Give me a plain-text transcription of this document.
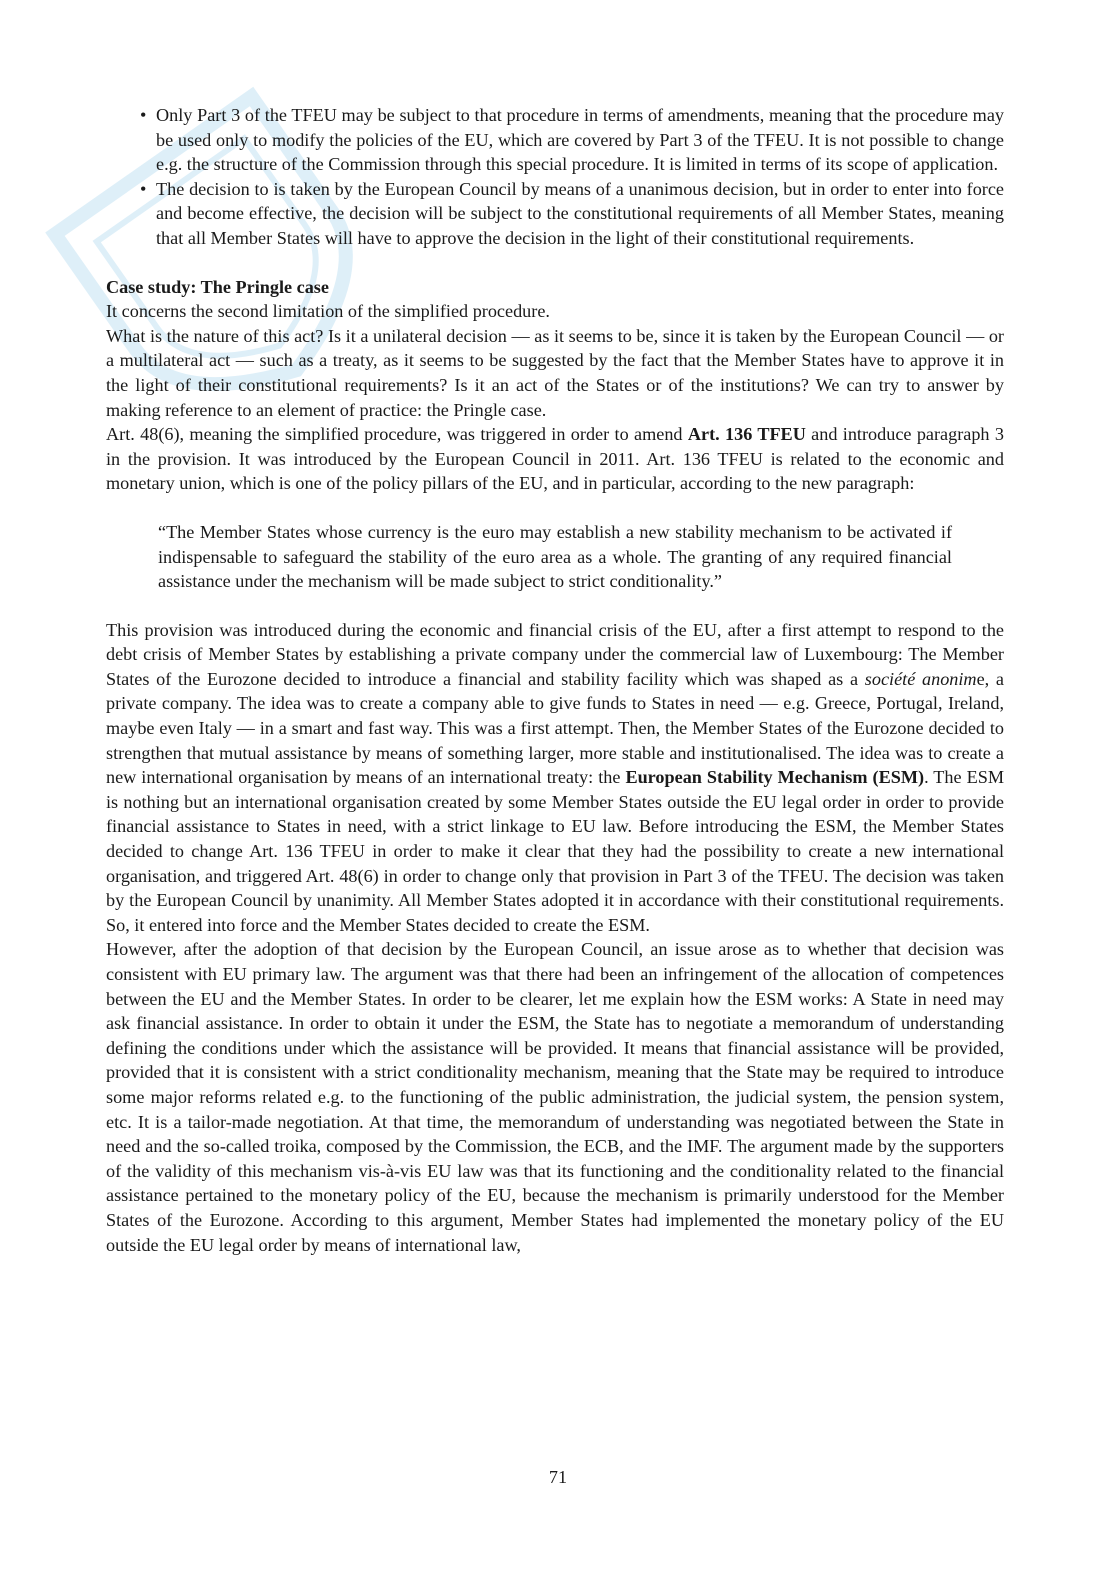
• Only Part 3 of the TFEU may be subject to that procedure in terms of amendments, meaning that the procedure may be used only to modify the policies of the EU, which are covered by Part 3 of the TFEU. It is not possible to change e.g. the structure of the Commission through this special procedure. It is limited in terms of its scope of application.
• The decision to is taken by the European Council by means of a unanimous decision, but in order to enter into force and become effective, the decision will be subject to the constitutional requirements of all Member States, meaning that all Member States will have to approve the decision in the light of their constitutional requirements.

Case study: The Pringle case

It concerns the second limitation of the simplified procedure.

What is the nature of this act? Is it a unilateral decision — as it seems to be, since it is taken by the European Council — or a multilateral act — such as a treaty, as it seems to be suggested by the fact that the Member States have to approve it in the light of their constitutional requirements? Is it an act of the States or of the institutions? We can try to answer by making reference to an element of practice: the Pringle case.

Art. 48(6), meaning the simplified procedure, was triggered in order to amend Art. 136 TFEU and introduce paragraph 3 in the provision. It was introduced by the European Council in 2011. Art. 136 TFEU is related to the economic and monetary union, which is one of the policy pillars of the EU, and in particular, according to the new paragraph:

“The Member States whose currency is the euro may establish a new stability mechanism to be activated if indispensable to safeguard the stability of the euro area as a whole. The granting of any required financial assistance under the mechanism will be made subject to strict conditionality.”

This provision was introduced during the economic and financial crisis of the EU, after a first attempt to respond to the debt crisis of Member States by establishing a private company under the commercial law of Luxembourg: The Member States of the Eurozone decided to introduce a financial and stability facility which was shaped as a société anonime, a private company. The idea was to create a company able to give funds to States in need — e.g. Greece, Portugal, Ireland, maybe even Italy — in a smart and fast way. This was a first attempt. Then, the Member States of the Eurozone decided to strengthen that mutual assistance by means of something larger, more stable and institutionalised. The idea was to create a new international organisation by means of an international treaty: the European Stability Mechanism (ESM). The ESM is nothing but an international organisation created by some Member States outside the EU legal order in order to provide financial assistance to States in need, with a strict linkage to EU law. Before introducing the ESM, the Member States decided to change Art. 136 TFEU in order to make it clear that they had the possibility to create a new international organisation, and triggered Art. 48(6) in order to change only that provision in Part 3 of the TFEU. The decision was taken by the European Council by unanimity. All Member States adopted it in accordance with their constitutional requirements. So, it entered into force and the Member States decided to create the ESM.

However, after the adoption of that decision by the European Council, an issue arose as to whether that decision was consistent with EU primary law. The argument was that there had been an infringement of the allocation of competences between the EU and the Member States. In order to be clearer, let me explain how the ESM works: A State in need may ask financial assistance. In order to obtain it under the ESM, the State has to negotiate a memorandum of understanding defining the conditions under which the assistance will be provided. It means that financial assistance will be provided, provided that it is consistent with a strict conditionality mechanism, meaning that the State may be required to introduce some major reforms related e.g. to the functioning of the public administration, the judicial system, the pension system, etc. It is a tailor-made negotiation. At that time, the memorandum of understanding was negotiated between the State in need and the so-called troika, composed by the Commission, the ECB, and the IMF. The argument made by the supporters of the validity of this mechanism vis-à-vis EU law was that its functioning and the conditionality related to the financial assistance pertained to the monetary policy of the EU, because the mechanism is primarily understood for the Member States of the Eurozone. According to this argument, Member States had implemented the monetary policy of the EU outside the EU legal order by means of international law,

71
